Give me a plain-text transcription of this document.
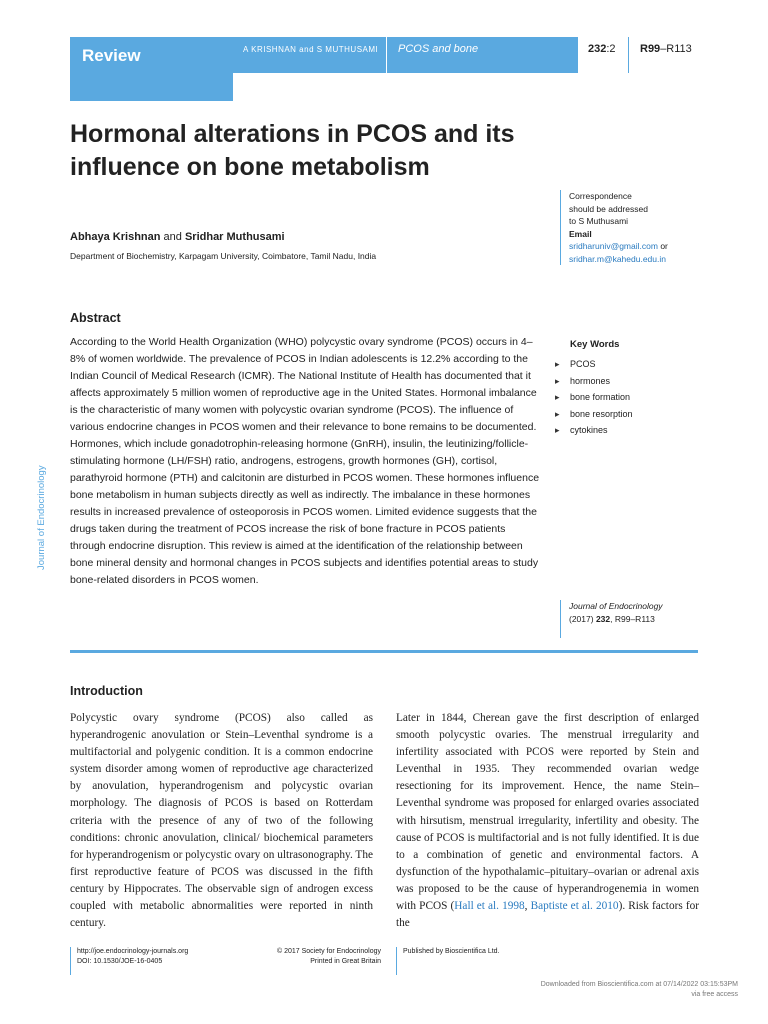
Review	A KRISHNAN and S MUTHUSAMI PCOS and bone	232:2 R99–R113
Hormonal alterations in PCOS and its influence on bone metabolism
Abhaya Krishnan and Sridhar Muthusami
Department of Biochemistry, Karpagam University, Coimbatore, Tamil Nadu, India
Correspondence
should be addressed
to S Muthusami
Email
sridharuniv@gmail.com or
sridhar.m@kahedu.edu.in
Abstract
According to the World Health Organization (WHO) polycystic ovary syndrome (PCOS) occurs in 4–8% of women worldwide. The prevalence of PCOS in Indian adolescents is 12.2% according to the Indian Council of Medical Research (ICMR). The National Institute of Health has documented that it affects approximately 5 million women of reproductive age in the United States. Hormonal imbalance is the characteristic of many women with polycystic ovarian syndrome (PCOS). The influence of various endocrine changes in PCOS women and their relevance to bone remains to be documented. Hormones, which include gonadotrophin-releasing hormone (GnRH), insulin, the leutinizing/follicle-stimulating hormone (LH/FSH) ratio, androgens, estrogens, growth hormones (GH), cortisol, parathyroid hormone (PTH) and calcitonin are disturbed in PCOS women. These hormones influence bone metabolism in human subjects directly as well as indirectly. The imbalance in these hormones results in increased prevalence of osteoporosis in PCOS women. Limited evidence suggests that the drugs taken during the treatment of PCOS increase the risk of bone fracture in PCOS patients through endocrine disruption. This review is aimed at the identification of the relationship between bone mineral density and hormonal changes in PCOS subjects and identifies potential areas to study bone-related disorders in PCOS women.
Key Words
▸ PCOS
▸ hormones
▸ bone formation
▸ bone resorption
▸ cytokines
Journal of Endocrinology
(2017) 232, R99–R113
Journal of Endocrinology
Introduction
Polycystic ovary syndrome (PCOS) also called as hyperandrogenic anovulation or Stein–Leventhal syndrome is a multifactorial and polygenic condition. It is a common endocrine system disorder among women of reproductive age characterized by anovulation, hyperandrogenism and polycystic ovarian morphology. The diagnosis of PCOS is based on Rotterdam criteria with the presence of any of two of the following conditions: chronic anovulation, clinical/ biochemical parameters for hyperandrogenism or polycystic ovary on ultrasonography. The first reproductive feature of PCOS was discussed in the fifth century by Hippocrates. The observable sign of androgen excess coupled with metabolic abnormalities were reported in ninth century.
Later in 1844, Cherean gave the first description of enlarged smooth polycystic ovaries. The menstrual irregularity and infertility associated with PCOS were reported by Stein and Leventhal in 1935. They recommended ovarian wedge resectioning for its improvement. Hence, the name Stein–Leventhal syndrome was proposed for enlarged ovaries associated with hirsutism, menstrual irregularity, infertility and obesity. The cause of PCOS is multifactorial and is not fully identified. It is due to a combination of genetic and environmental factors. A dysfunction of the hypothalamic–pituitary–ovarian or adrenal axis was proposed to be the cause of hyperandrogenemia in women with PCOS (Hall et al. 1998, Baptiste et al. 2010). Risk factors for the
http://joe.endocrinology-journals.org
DOI: 10.1530/JOE-16-0405
© 2017 Society for Endocrinology
Printed in Great Britain
Published by Bioscientifica Ltd.
Downloaded from Bioscientifica.com at 07/14/2022 03:15:53PM
via free access
